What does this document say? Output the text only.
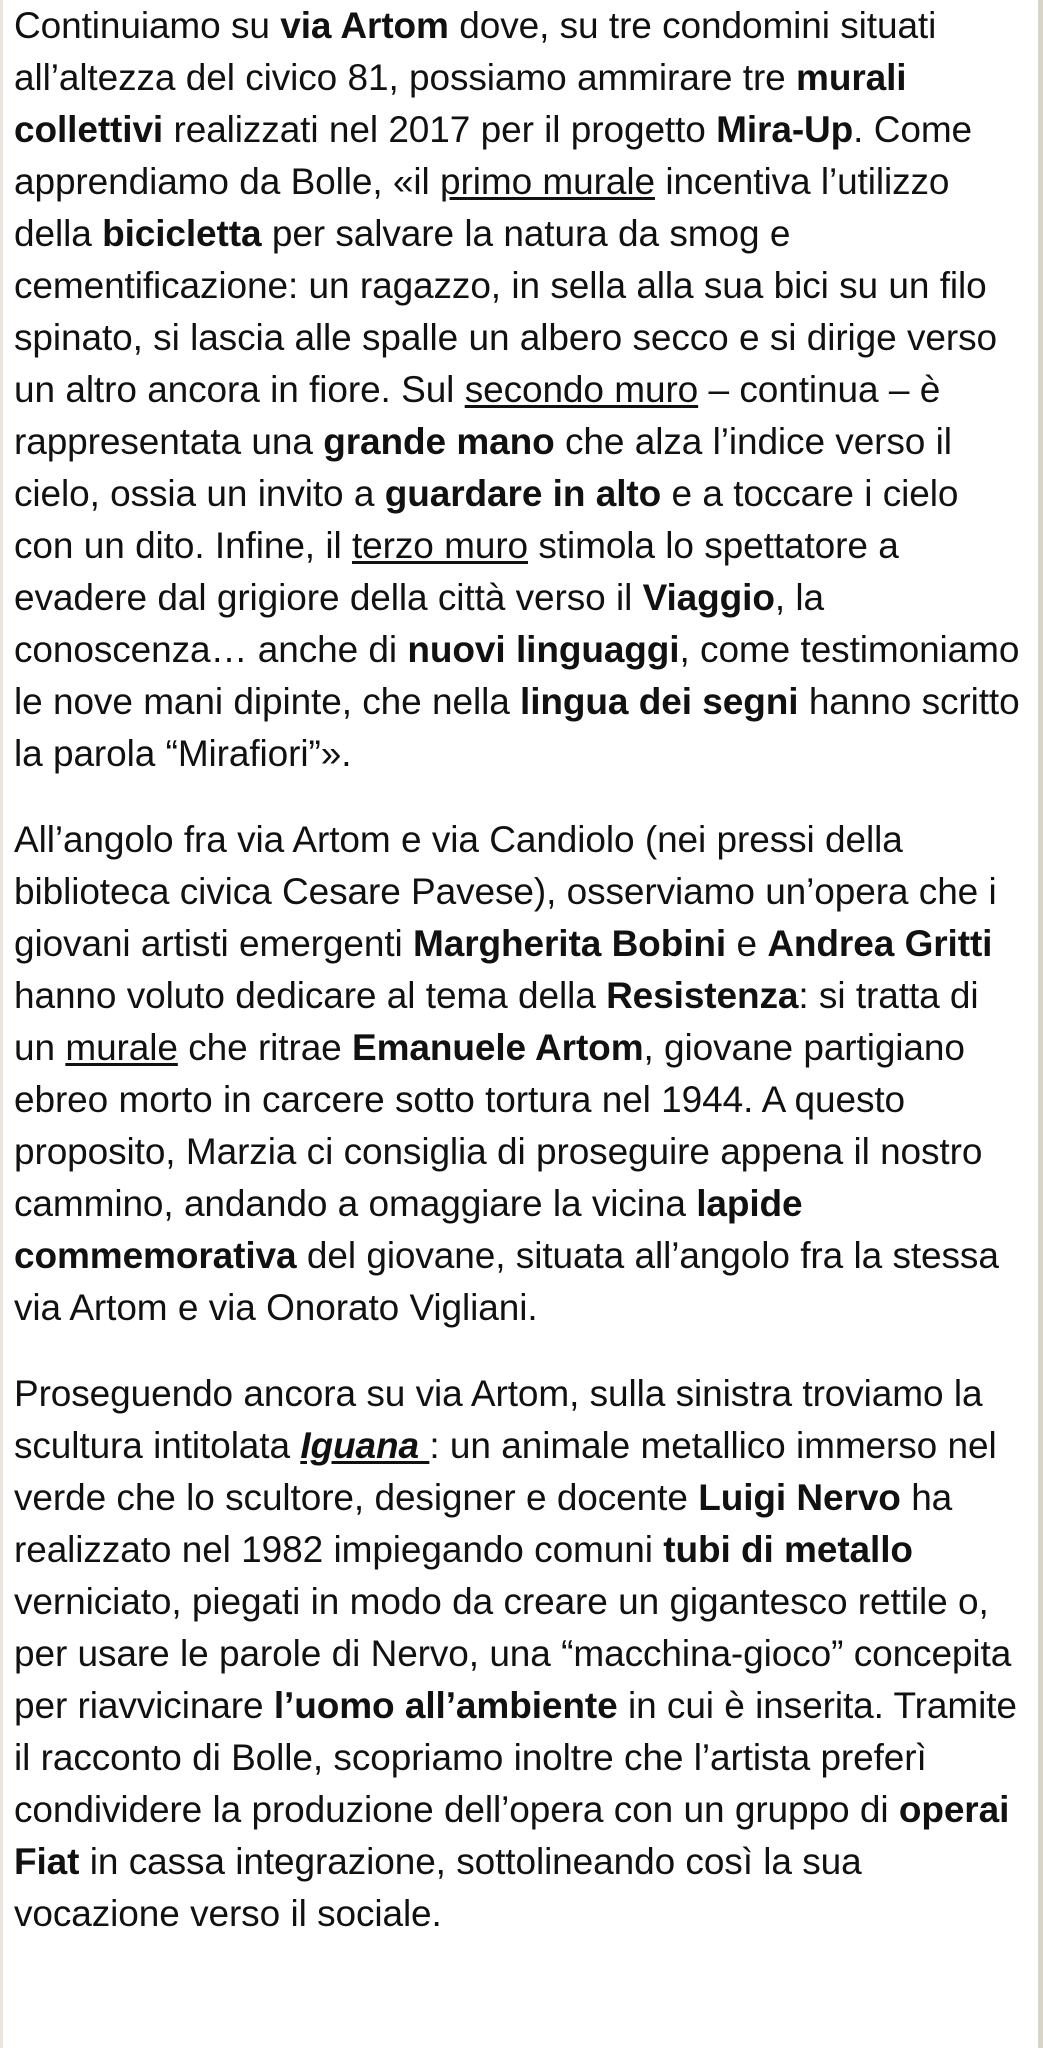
Continuiamo su via Artom dove, su tre condomini situati all’altezza del civico 81, possiamo ammirare tre murali collettivi realizzati nel 2017 per il progetto Mira-Up. Come apprendiamo da Bolle, «il primo murale incentiva l’utilizzo della bicicletta per salvare la natura da smog e cementificazione: un ragazzo, in sella alla sua bici su un filo spinato, si lascia alle spalle un albero secco e si dirige verso un altro ancora in fiore. Sul secondo muro – continua – è rappresentata una grande mano che alza l’indice verso il cielo, ossia un invito a guardare in alto e a toccare i cielo con un dito. Infine, il terzo muro stimola lo spettatore a evadere dal grigiore della città verso il Viaggio, la conoscenza… anche di nuovi linguaggi, come testimoniamo le nove mani dipinte, che nella lingua dei segni hanno scritto la parola “Mirafiori”».

All’angolo fra via Artom e via Candiolo (nei pressi della biblioteca civica Cesare Pavese), osserviamo un’opera che i giovani artisti emergenti Margherita Bobini e Andrea Gritti hanno voluto dedicare al tema della Resistenza: si tratta di un murale che ritrae Emanuele Artom, giovane partigiano ebreo morto in carcere sotto tortura nel 1944. A questo proposito, Marzia ci consiglia di proseguire appena il nostro cammino, andando a omaggiare la vicina lapide commemorativa del giovane, situata all’angolo fra la stessa via Artom e via Onorato Vigliani.

Proseguendo ancora su via Artom, sulla sinistra troviamo la scultura intitolata Iguana : un animale metallico immerso nel verde che lo scultore, designer e docente Luigi Nervo ha realizzato nel 1982 impiegando comuni tubi di metallo verniciato, piegati in modo da creare un gigantesco rettile o, per usare le parole di Nervo, una “macchina-gioco” concepita per riavvicinare l’uomo all’ambiente in cui è inserita. Tramite il racconto di Bolle, scopriamo inoltre che l’artista preferì condividere la produzione dell’opera con un gruppo di operai Fiat in cassa integrazione, sottolineando così la sua vocazione verso il sociale.
